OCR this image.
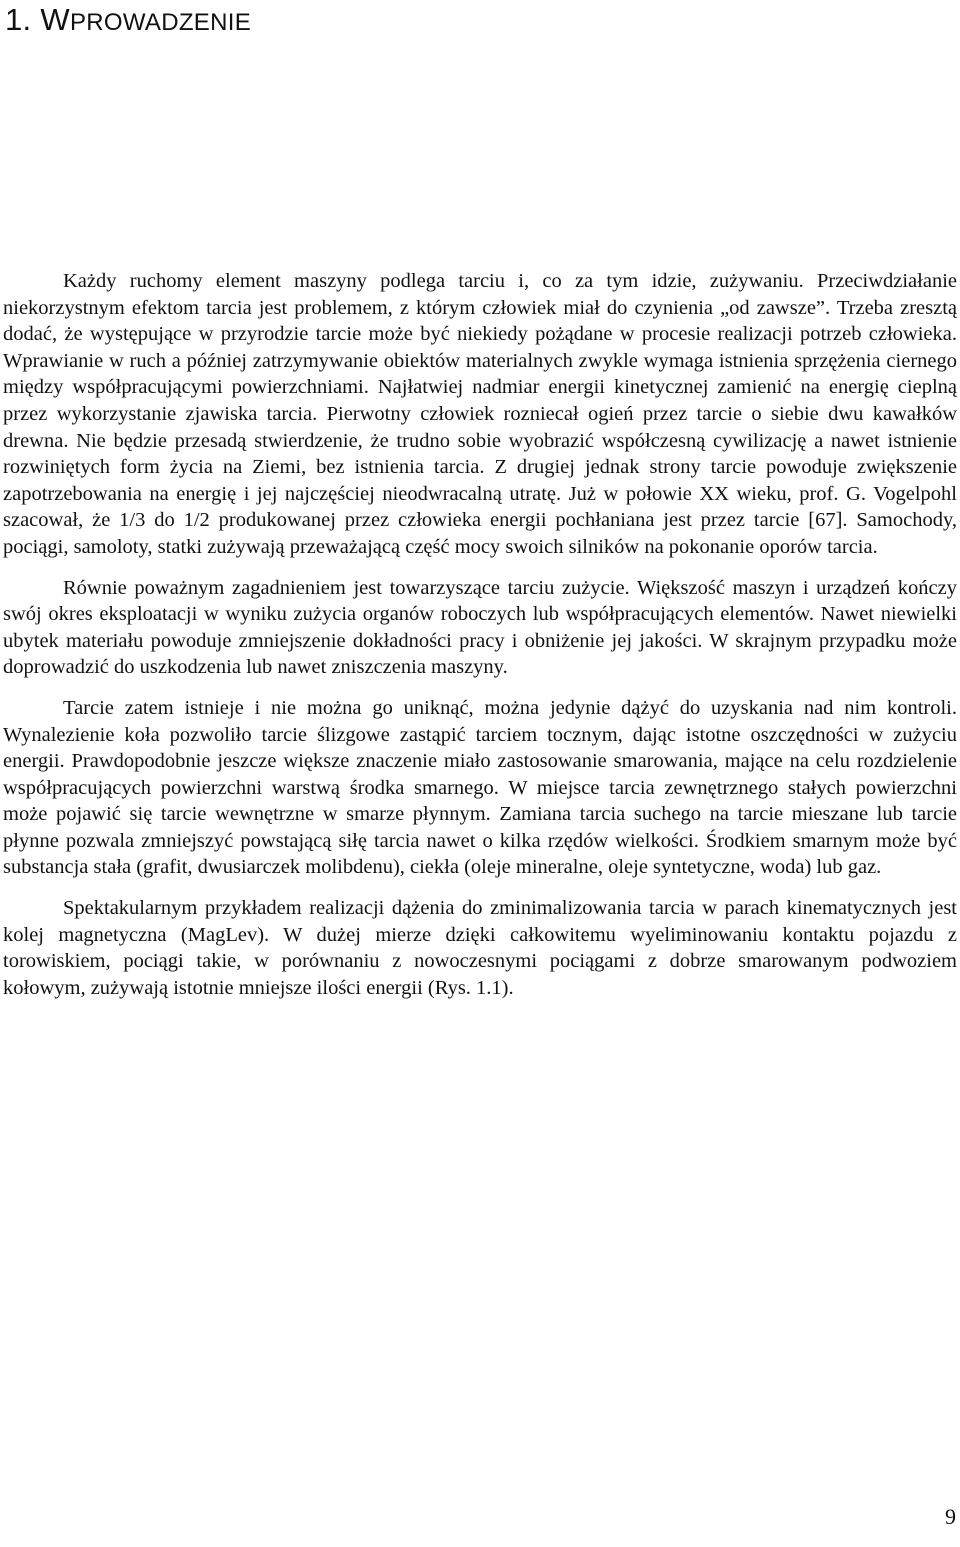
1. WPROWADZENIE

Każdy ruchomy element maszyny podlega tarciu i, co za tym idzie, zużywaniu. Przeciwdziałanie niekorzystnym efektom tarcia jest problemem, z którym człowiek miał do czynienia „od zawsze”. Trzeba zresztą dodać, że występujące w przyrodzie tarcie może być niekiedy pożądane w procesie realizacji potrzeb człowieka. Wprawianie w ruch a później zatrzymywanie obiektów materialnych zwykle wymaga istnienia sprzężenia ciernego między współpracującymi powierzchniami. Najłatwiej nadmiar energii kinetycznej zamienić na energię cieplną przez wykorzystanie zjawiska tarcia. Pierwotny człowiek rozniecał ogień przez tarcie o siebie dwu kawałków drewna. Nie będzie przesadą stwierdzenie, że trudno sobie wyobrazić współczesną cywilizację a nawet istnienie rozwiniętych form życia na Ziemi, bez istnienia tarcia. Z drugiej jednak strony tarcie powoduje zwiększenie zapotrzebowania na energię i jej najczęściej nieodwracalną utratę. Już w połowie XX wieku, prof. G. Vogelpohl szacował, że 1/3 do 1/2 produkowanej przez człowieka energii pochłaniana jest przez tarcie [67]. Samochody, pociągi, samoloty, statki zużywają przeważającą część mocy swoich silników na pokonanie oporów tarcia.

Równie poważnym zagadnieniem jest towarzyszące tarciu zużycie. Większość maszyn i urządzeń kończy swój okres eksploatacji w wyniku zużycia organów roboczych lub współpracujących elementów. Nawet niewielki ubytek materiału powoduje zmniejszenie dokładności pracy i obniżenie jej jakości. W skrajnym przypadku może doprowadzić do uszkodzenia lub nawet zniszczenia maszyny.

Tarcie zatem istnieje i nie można go uniknąć, można jedynie dążyć do uzyskania nad nim kontroli. Wynalezienie koła pozwoliło tarcie ślizgowe zastąpić tarciem tocznym, dając istotne oszczędności w zużyciu energii. Prawdopodobnie jeszcze większe znaczenie miało zastosowanie smarowania, mające na celu rozdzielenie współpracujących powierzchni warstwą środka smarnego. W miejsce tarcia zewnętrznego stałych powierzchni może pojawić się tarcie wewnętrzne w smarze płynnym. Zamiana tarcia suchego na tarcie mieszane lub tarcie płynne pozwala zmniejszyć powstającą siłę tarcia nawet o kilka rzędów wielkości. Środkiem smarnym może być substancja stała (grafit, dwusiarczek molibdenu), ciekła (oleje mineralne, oleje syntetyczne, woda) lub gaz.

Spektakularnym przykładem realizacji dążenia do zminimalizowania tarcia w parach kinematycznych jest kolej magnetyczna (MagLev). W dużej mierze dzięki całkowitemu wyeliminowaniu kontaktu pojazdu z torowiskiem, pociągi takie, w porównaniu z nowoczesnymi pociągami z dobrze smarowanym podwoziem kołowym, zużywają istotnie mniejsze ilości energii (Rys. 1.1).

9
